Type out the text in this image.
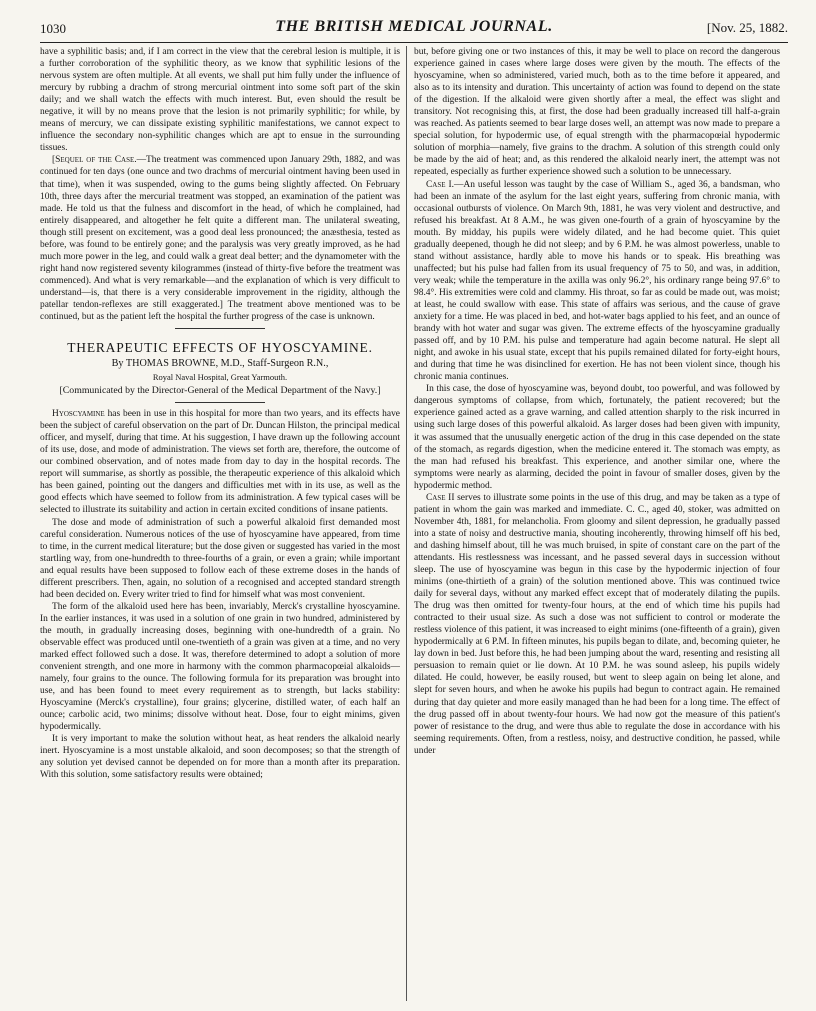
1030	THE BRITISH MEDICAL JOURNAL.	[Nov. 25, 1882.

have a syphilitic basis; and, if I am correct in the view that the cerebral lesion is multiple, it is a further corroboration of the syphilitic theory, as we know that syphilitic lesions of the nervous system are often multiple. At all events, we shall put him fully under the influence of mercury by rubbing a drachm of strong mercurial ointment into some soft part of the skin daily; and we shall watch the effects with much interest. But, even should the result be negative, it will by no means prove that the lesion is not primarily syphilitic; for while, by means of mercury, we can dissipate existing syphilitic manifestations, we cannot expect to influence the secondary non-syphilitic changes which are apt to ensue in the surrounding tissues.

[Sequel of the Case.—The treatment was commenced upon January 29th, 1882, and was continued for ten days (one ounce and two drachms of mercurial ointment having been used in that time), when it was suspended, owing to the gums being slightly affected. On February 10th, three days after the mercurial treatment was stopped, an examination of the patient was made. He told us that the fulness and discomfort in the head, of which he complained, had entirely disappeared, and altogether he felt quite a different man. The unilateral sweating, though still present on excitement, was a good deal less pronounced; the anæsthesia, tested as before, was found to be entirely gone; and the paralysis was very greatly improved, as he had much more power in the leg, and could walk a great deal better; and the dynamometer with the right hand now registered seventy kilogrammes (instead of thirty-five before the treatment was commenced). And what is very remarkable—and the explanation of which is very difficult to understand—is, that there is a very considerable improvement in the rigidity, although the patellar tendon-reflexes are still exaggerated.] The treatment above mentioned was to be continued, but as the patient left the hospital the further progress of the case is unknown.

THERAPEUTIC EFFECTS OF HYOSCYAMINE.
By THOMAS BROWNE, M.D., Staff-Surgeon R.N.,
Royal Naval Hospital, Great Yarmouth.
[Communicated by the Director-General of the Medical Department of the Navy.]

Hyoscyamine has been in use in this hospital for more than two years, and its effects have been the subject of careful observation on the part of Dr. Duncan Hilston, the principal medical officer, and myself, during that time. At his suggestion, I have drawn up the following account of its use, dose, and mode of administration. The views set forth are, therefore, the outcome of our combined observation, and of notes made from day to day in the hospital records. The report will summarise, as shortly as possible, the therapeutic experience of this alkaloid which has been gained, pointing out the dangers and difficulties met with in its use, as well as the good effects which have seemed to follow from its administration. A few typical cases will be selected to illustrate its suitability and action in certain excited conditions of insane patients.

The dose and mode of administration of such a powerful alkaloid first demanded most careful consideration. Numerous notices of the use of hyoscyamine have appeared, from time to time, in the current medical literature; but the dose given or suggested has varied in the most startling way, from one-hundredth to three-fourths of a grain, or even a grain; while important and equal results have been supposed to follow each of these extreme doses in the hands of different prescribers. Then, again, no solution of a recognised and accepted standard strength had been decided on. Every writer tried to find for himself what was most convenient.

The form of the alkaloid used here has been, invariably, Merck's crystalline hyoscyamine. In the earlier instances, it was used in a solution of one grain in two hundred, administered by the mouth, in gradually increasing doses, beginning with one-hundredth of a grain. No observable effect was produced until one-twentieth of a grain was given at a time, and no very marked effect followed such a dose. It was, therefore determined to adopt a solution of more convenient strength, and one more in harmony with the common pharmacopœial alkaloids—namely, four grains to the ounce. The following formula for its preparation was brought into use, and has been found to meet every requirement as to strength, but lacks stability: Hyoscyamine (Merck's crystalline), four grains; glycerine, distilled water, of each half an ounce; carbolic acid, two minims; dissolve without heat. Dose, four to eight minims, given hypodermically.

It is very important to make the solution without heat, as heat renders the alkaloid nearly inert. Hyoscyamine is a most unstable alkaloid, and soon decomposes; so that the strength of any solution yet devised cannot be depended on for more than a month after its preparation. With this solution, some satisfactory results were obtained;

but, before giving one or two instances of this, it may be well to place on record the dangerous experience gained in cases where large doses were given by the mouth. The effects of the hyoscyamine, when so administered, varied much, both as to the time before it appeared, and also as to its intensity and duration. This uncertainty of action was found to depend on the state of the digestion. If the alkaloid were given shortly after a meal, the effect was slight and transitory. Not recognising this, at first, the dose had been gradually increased till half-a-grain was reached. As patients seemed to bear large doses well, an attempt was now made to prepare a special solution, for hypodermic use, of equal strength with the pharmacopœial hypodermic solution of morphia—namely, five grains to the drachm. A solution of this strength could only be made by the aid of heat; and, as this rendered the alkaloid nearly inert, the attempt was not repeated, especially as further experience showed such a solution to be unnecessary.

Case I.—An useful lesson was taught by the case of William S., aged 36, a bandsman, who had been an inmate of the asylum for the last eight years, suffering from chronic mania, with occasional outbursts of violence. On March 9th, 1881, he was very violent and destructive, and refused his breakfast. At 8 A.M., he was given one-fourth of a grain of hyoscyamine by the mouth. By midday, his pupils were widely dilated, and he had become quiet. This quiet gradually deepened, though he did not sleep; and by 6 P.M. he was almost powerless, unable to stand without assistance, hardly able to move his hands or to speak. His breathing was unaffected; but his pulse had fallen from its usual frequency of 75 to 50, and was, in addition, very weak; while the temperature in the axilla was only 96.2°, his ordinary range being 97.6° to 98.4°. His extremities were cold and clammy. His throat, so far as could be made out, was moist; at least, he could swallow with ease. This state of affairs was serious, and the cause of grave anxiety for a time. He was placed in bed, and hot-water bags applied to his feet, and an ounce of brandy with hot water and sugar was given. The extreme effects of the hyoscyamine gradually passed off, and by 10 P.M. his pulse and temperature had again become natural. He slept all night, and awoke in his usual state, except that his pupils remained dilated for forty-eight hours, and during that time he was disinclined for exertion. He has not been violent since, though his chronic mania continues.

In this case, the dose of hyoscyamine was, beyond doubt, too powerful, and was followed by dangerous symptoms of collapse, from which, fortunately, the patient recovered; but the experience gained acted as a grave warning, and called attention sharply to the risk incurred in using such large doses of this powerful alkaloid. As larger doses had been given with impunity, it was assumed that the unusually energetic action of the drug in this case depended on the state of the stomach, as regards digestion, when the medicine entered it. The stomach was empty, as the man had refused his breakfast. This experience, and another similar one, where the symptoms were nearly as alarming, decided the point in favour of smaller doses, given by the hypodermic method.

Case II serves to illustrate some points in the use of this drug, and may be taken as a type of patient in whom the gain was marked and immediate. C. C., aged 40, stoker, was admitted on November 4th, 1881, for melancholia. From gloomy and silent depression, he gradually passed into a state of noisy and destructive mania, shouting incoherently, throwing himself off his bed, and dashing himself about, till he was much bruised, in spite of constant care on the part of the attendants. His restlessness was incessant, and he passed several days in succession without sleep. The use of hyoscyamine was begun in this case by the hypodermic injection of four minims (one-thirtieth of a grain) of the solution mentioned above. This was continued twice daily for several days, without any marked effect except that of moderately dilating the pupils. The drug was then omitted for twenty-four hours, at the end of which time his pupils had contracted to their usual size. As such a dose was not sufficient to control or moderate the restless violence of this patient, it was increased to eight minims (one-fifteenth of a grain), given hypodermically at 6 P.M. In fifteen minutes, his pupils began to dilate, and, becoming quieter, he lay down in bed. Just before this, he had been jumping about the ward, resenting and resisting all persuasion to remain quiet or lie down. At 10 P.M. he was sound asleep, his pupils widely dilated. He could, however, be easily roused, but went to sleep again on being let alone, and slept for seven hours, and when he awoke his pupils had begun to contract again. He remained during that day quieter and more easily managed than he had been for a long time. The effect of the drug passed off in about twenty-four hours. We had now got the measure of this patient's power of resistance to the drug, and were thus able to regulate the dose in accordance with his seeming requirements. Often, from a restless, noisy, and destructive condition, he passed, while under
